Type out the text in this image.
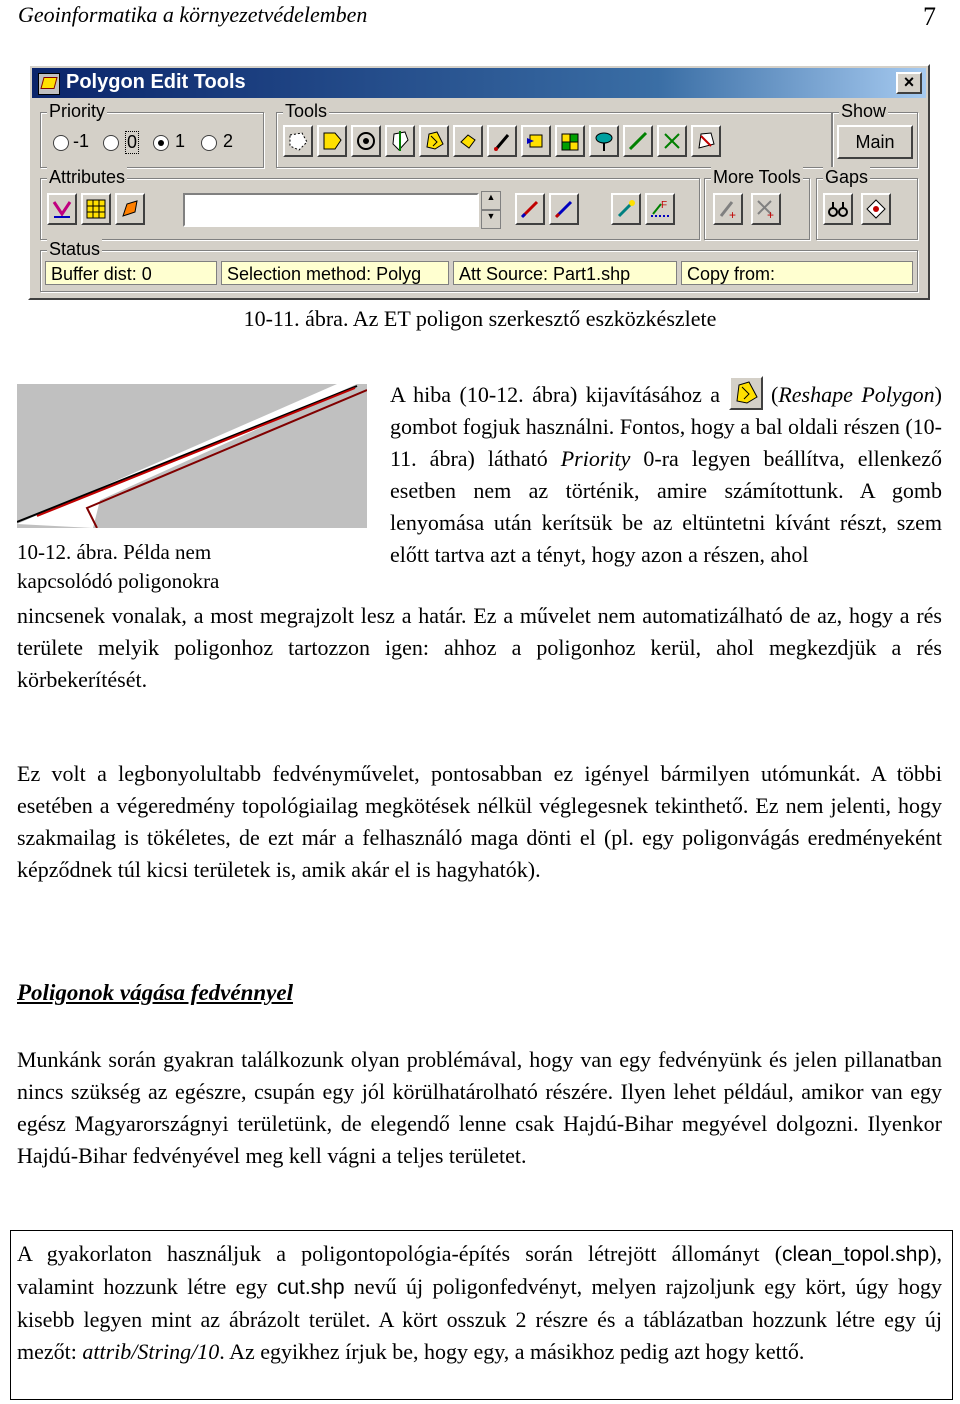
Geoinformatika a környezetvédelemben	7
Polygon Edit Tools	×
Priority
-1 0 1 2
Tools	Show
Main
Attributes
▲
▼
F
More Tools
+	+
Gaps
Status
Buffer dist: 0	Selection method: Polyg	Att Source: Part1.shp	Copy from:
10-11. ábra. Az ET poligon szerkesztő eszközkészlete
10-12. ábra. Példa nem
kapcsolódó poligonokra
A hiba (10-12. ábra) kijavításához a
(Reshape Polygon) gombot fogjuk használni. Fontos, hogy a bal oldali részen (10-11. ábra) látható Priority 0-ra legyen beállítva, ellenkező esetben nem az történik, amire számítottunk. A gomb lenyomása után kerítsük be az eltüntetni kívánt részt, szem előtt tartva azt a tényt, hogy azon a részen, ahol
nincsenek vonalak, a most megrajzolt lesz a határ. Ez a művelet nem automatizálható de az, hogy a rés területe melyik poligonhoz tartozzon igen: ahhoz a poligonhoz kerül, ahol megkezdjük a rés körbekerítését.
Ez volt a legbonyolultabb fedvényművelet, pontosabban ez igényel bármilyen utómunkát. A többi esetében a végeredmény topológiailag megkötések nélkül véglegesnek tekinthető. Ez nem jelenti, hogy szakmailag is tökéletes, de ezt már a felhasználó maga dönti el (pl. egy poligonvágás eredményeként képződnek túl kicsi területek is, amik akár el is hagyhatók).
Poligonok vágása fedvénnyel
Munkánk során gyakran találkozunk olyan problémával, hogy van egy fedvényünk és jelen pillanatban nincs szükség az egészre, csupán egy jól körülhatárolható részére. Ilyen lehet például, amikor van egy egész Magyarországnyi területünk, de elegendő lenne csak Hajdú-Bihar megyével dolgozni. Ilyenkor Hajdú-Bihar fedvényével meg kell vágni a teljes területet.
A gyakorlaton használjuk a poligontopológia-építés során létrejött állományt (clean_topol.shp), valamint hozzunk létre egy cut.shp nevű új poligonfedvényt, melyen rajzoljunk egy kört, úgy hogy kisebb legyen mint az ábrázolt terület. A kört osszuk 2 részre és a táblázatban hozzunk létre egy új mezőt: attrib/String/10. Az egyikhez írjuk be, hogy egy, a másikhoz pedig azt hogy kettő.
